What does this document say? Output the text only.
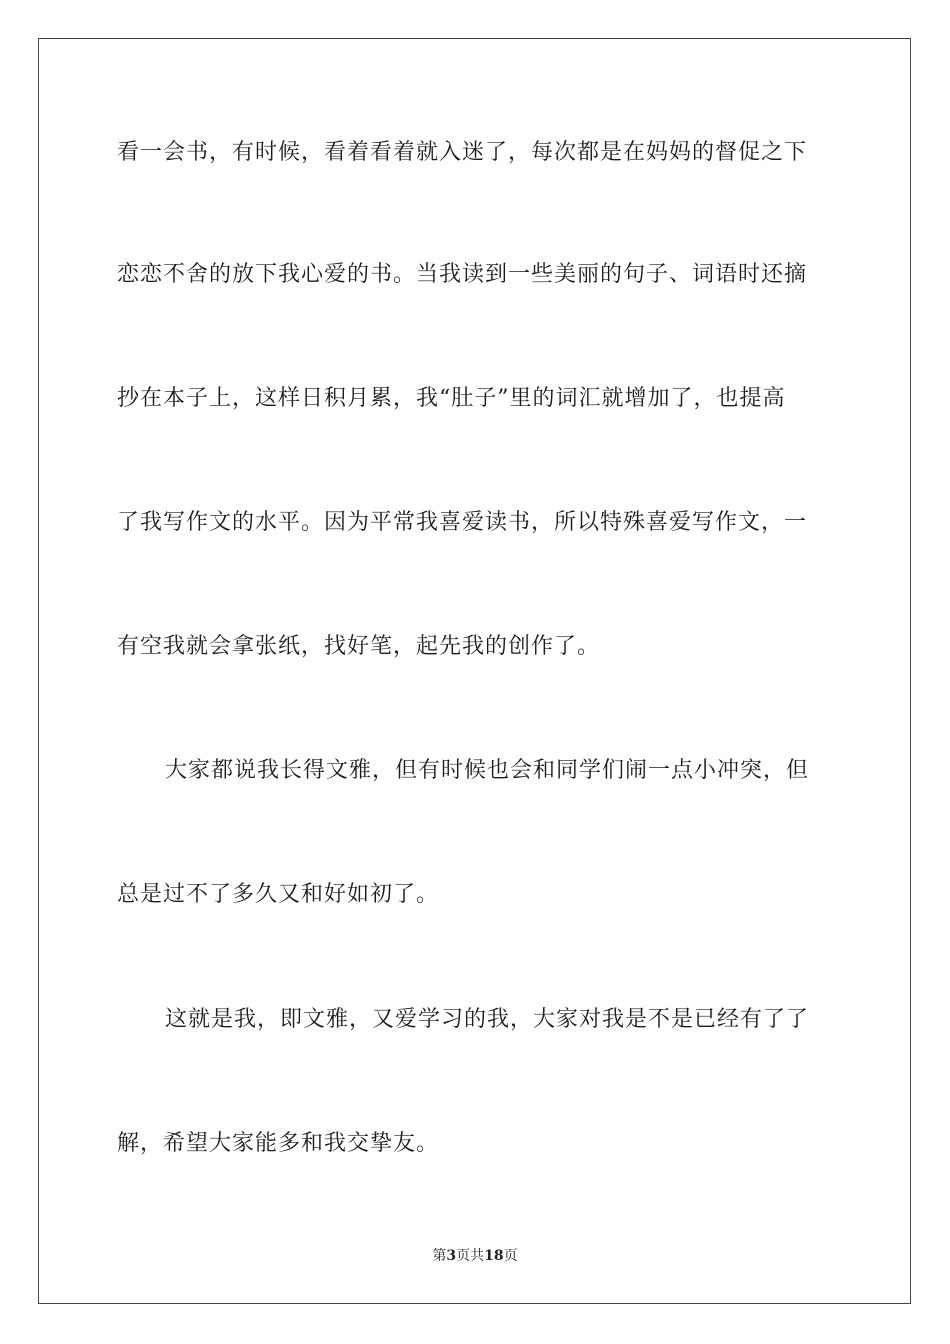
看一会书，有时候，看着看着就入迷了，每次都是在妈妈的督促之下
恋恋不舍的放下我心爱的书。当我读到一些美丽的句子、词语时还摘
抄在本子上，这样日积月累，我“肚子”里的词汇就增加了，也提高
了我写作文的水平。因为平常我喜爱读书，所以特殊喜爱写作文，一
有空我就会拿张纸，找好笔，起先我的创作了。
大家都说我长得文雅，但有时候也会和同学们闹一点小冲突，但
总是过不了多久又和好如初了。
这就是我，即文雅，又爱学习的我，大家对我是不是已经有了了
解，希望大家能多和我交挚友。
第3页共18页
